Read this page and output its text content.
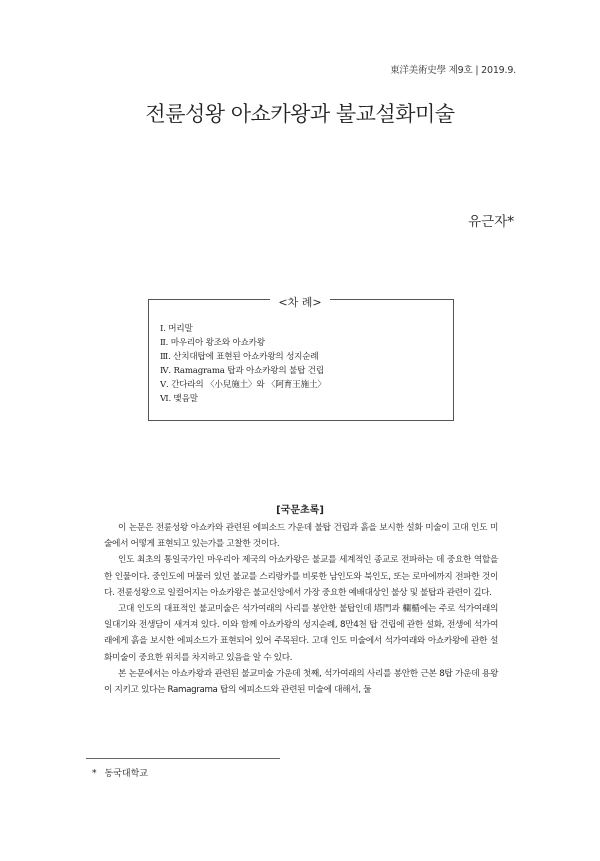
東洋美術史學 제9호 | 2019.9.
전륜성왕 아쇼카왕과 불교설화미술
유근자*
<차 례>
Ⅰ. 머리말
Ⅱ. 마우리아 왕조와 아쇼카왕
Ⅲ. 산치대탑에 표현된 아쇼카왕의 성지순례
Ⅳ. Ramagrama 탑과 아쇼카왕의 불탑 건립
Ⅴ. 간다라의 〈小兒施土〉와 〈阿育王施土〉
Ⅵ. 맺음말
[국문초록]

이 논문은 전륜성왕 아쇼카와 관련된 에피소드 가운데 불탑 건립과 흙을 보시한 설화 미술이 고대 인도 미술에서 어떻게 표현되고 있는가를 고찰한 것이다.

인도 최초의 통일국가인 마우리아 제국의 아쇼카왕은 불교를 세계적인 종교로 전파하는 데 중요한 역할을 한 인물이다. 중인도에 머물러 있던 불교를 스리랑카를 비롯한 남인도와 북인도, 또는 로마에까지 전파한 것이다. 전륜성왕으로 일컬어지는 아쇼카왕은 불교신앙에서 가장 중요한 예배대상인 불상 및 불탑과 관련이 깊다.

고대 인도의 대표적인 불교미술은 석가여래의 사리를 봉안한 불탑인데 塔門과 欄楯에는 주로 석가여래의 일대기와 전생담이 새겨져 있다. 이와 함께 아쇼카왕의 성지순례, 8만4천 탑 건립에 관한 설화, 전생에 석가여래에게 흙을 보시한 에피소드가 표현되어 있어 주목된다. 고대 인도 미술에서 석가여래와 아쇼카왕에 관한 설화미술이 중요한 위치를 차지하고 있음을 알 수 있다.

본 논문에서는 아쇼카왕과 관련된 불교미술 가운데 첫째, 석가여래의 사리를 봉안한 근본 8탑 가운데 용왕이 지키고 있다는 Ramagrama 탑의 에피소드와 관련된 미술에 대해서, 둘

* 동국대학교
